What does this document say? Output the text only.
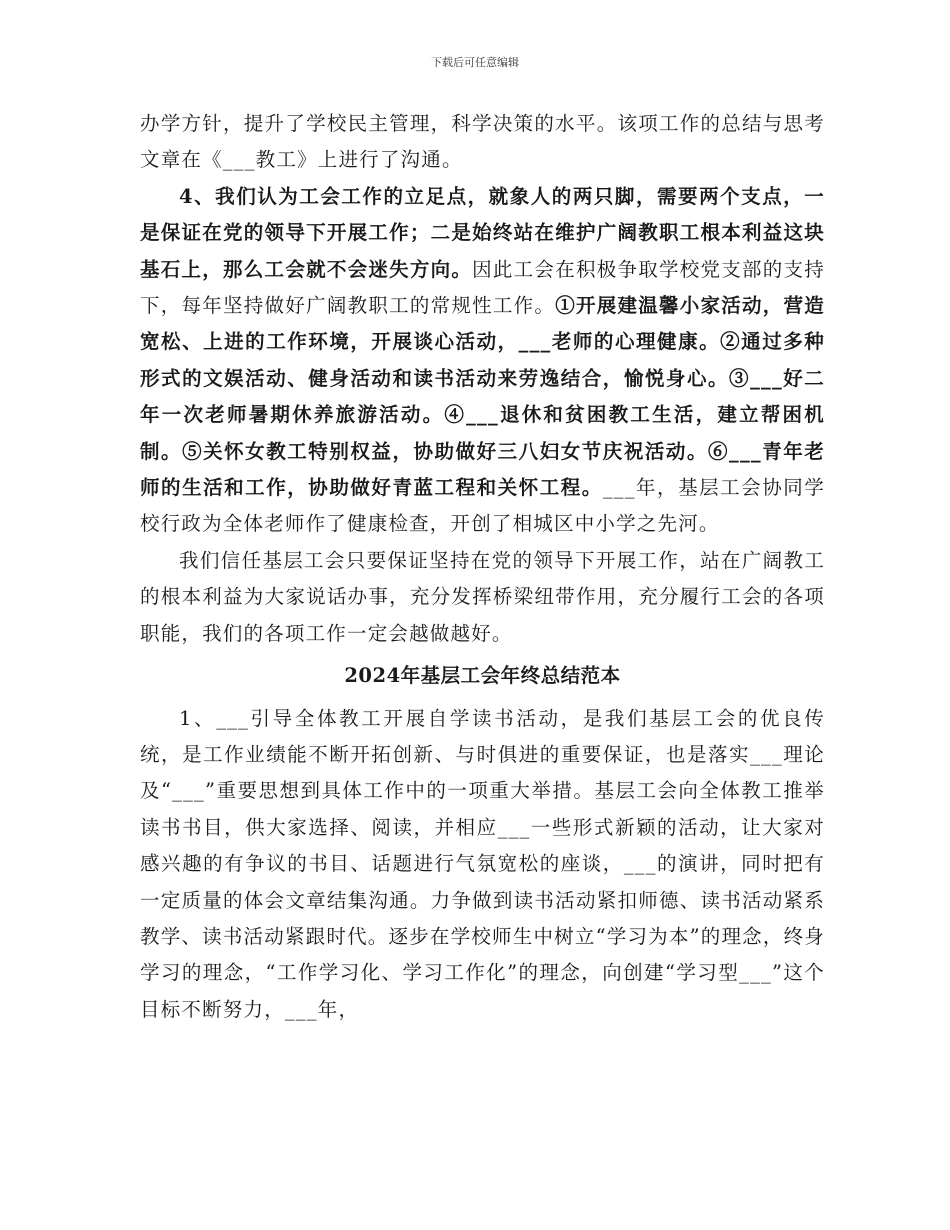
下载后可任意编辑

办学方针，提升了学校民主管理，科学决策的水平。该项工作的总结与思考文章在《___教工》上进行了沟通。

4、我们认为工会工作的立足点，就象人的两只脚，需要两个支点，一是保证在党的领导下开展工作；二是始终站在维护广阔教职工根本利益这块基石上，那么工会就不会迷失方向。因此工会在积极争取学校党支部的支持下，每年坚持做好广阔教职工的常规性工作。①开展建温馨小家活动，营造宽松、上进的工作环境，开展谈心活动，___老师的心理健康。②通过多种形式的文娱活动、健身活动和读书活动来劳逸结合，愉悦身心。③___好二年一次老师暑期休养旅游活动。④___退休和贫困教工生活，建立帮困机制。⑤关怀女教工特别权益，协助做好三八妇女节庆祝活动。⑥___青年老师的生活和工作，协助做好青蓝工程和关怀工程。___年，基层工会协同学校行政为全体老师作了健康检查，开创了相城区中小学之先河。

我们信任基层工会只要保证坚持在党的领导下开展工作，站在广阔教工的根本利益为大家说话办事，充分发挥桥梁纽带作用，充分履行工会的各项职能，我们的各项工作一定会越做越好。

2024年基层工会年终总结范本

1、___引导全体教工开展自学读书活动，是我们基层工会的优良传统，是工作业绩能不断开拓创新、与时俱进的重要保证，也是落实___理论及“___”重要思想到具体工作中的一项重大举措。基层工会向全体教工推举读书书目，供大家选择、阅读，并相应___一些形式新颖的活动，让大家对感兴趣的有争议的书目、话题进行气氛宽松的座谈，___的演讲，同时把有一定质量的体会文章结集沟通。力争做到读书活动紧扣师德、读书活动紧系教学、读书活动紧跟时代。逐步在学校师生中树立“学习为本”的理念，终身学习的理念，“工作学习化、学习工作化”的理念，向创建“学习型___”这个目标不断努力，___年，
